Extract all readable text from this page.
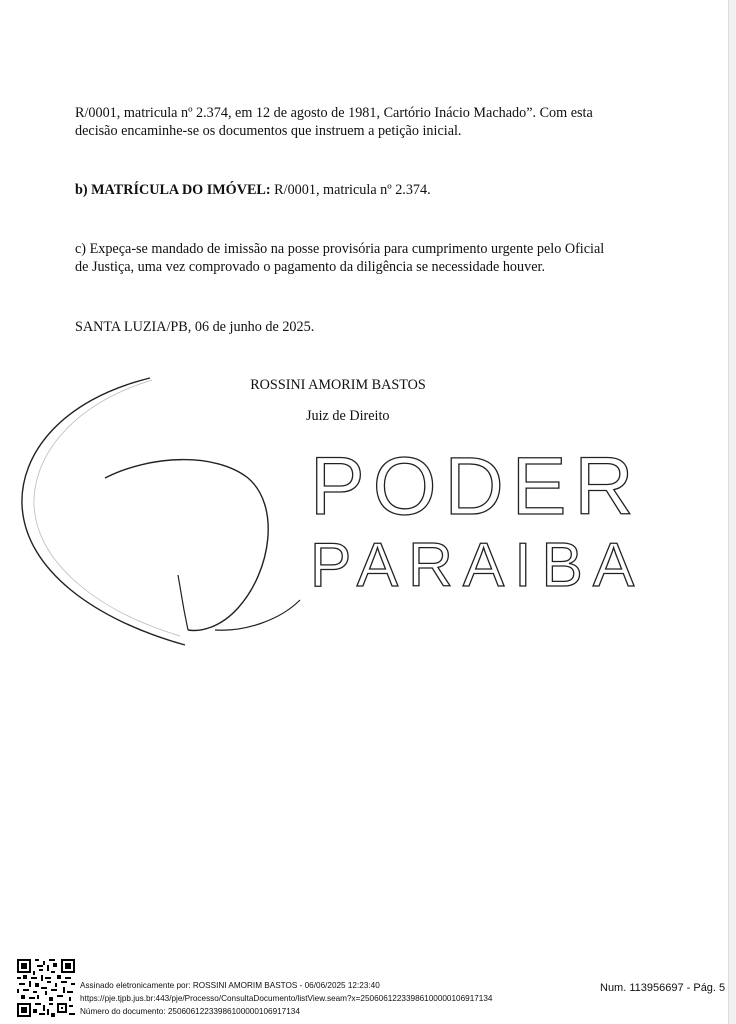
R/0001, matricula nº 2.374, em 12 de agosto de 1981, Cartório Inácio Machado”. Com esta
decisão encaminhe-se os documentos que instruem a petição inicial.
b) MATRÍCULA DO IMÓVEL: R/0001, matricula nº 2.374.
c) Expeça-se mandado de imissão na posse provisória para cumprimento urgente pelo Oficial
de Justiça, uma vez comprovado o pagamento da diligência se necessidade houver.
SANTA LUZIA/PB, 06 de junho de 2025.
ROSSINI AMORIM BASTOS
Juiz de Direito
PODER
PARAIBA
Assinado eletronicamente por: ROSSINI AMORIM BASTOS - 06/06/2025 12:23:40
https://pje.tjpb.jus.br:443/pje/Processo/ConsultaDocumento/listView.seam?x=25060612233986100000106917134
Número do documento: 25060612233986100000106917134
Num. 113956697 - Pág. 5
